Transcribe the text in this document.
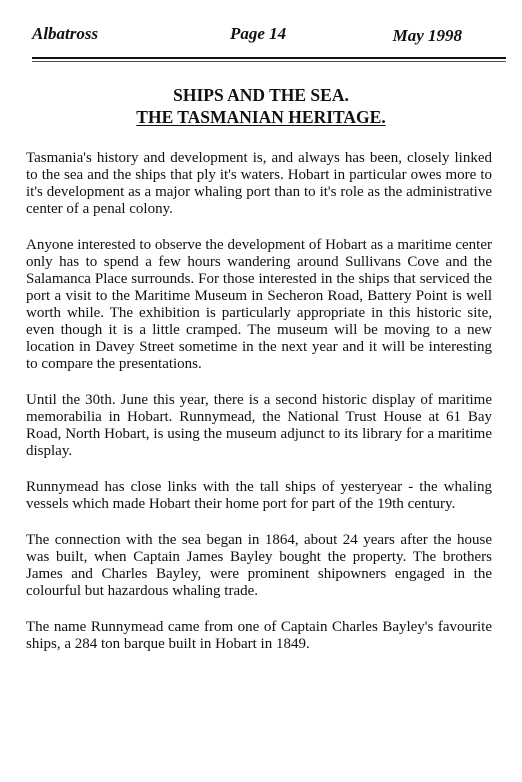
Albatross	Page 14	May 1998
SHIPS AND THE SEA.
THE TASMANIAN HERITAGE.

Tasmania's history and development is, and always has been, closely linked to the sea and the ships that ply it's waters. Hobart in particular owes more to it's development as a major whaling port than to it's role as the administrative center of a penal colony.

Anyone interested to observe the development of Hobart as a maritime center only has to spend a few hours wandering around Sullivans Cove and the Salamanca Place surrounds. For those interested in the ships that serviced the port a visit to the Maritime Museum in Secheron Road, Battery Point is well worth while. The exhibition is particularly appropriate in this historic site, even though it is a little cramped. The museum will be moving to a new location in Davey Street sometime in the next year and it will be interesting to compare the presentations.

Until the 30th. June this year, there is a second historic display of maritime memorabilia in Hobart. Runnymead, the National Trust House at 61 Bay Road, North Hobart, is using the museum adjunct to its library for a maritime display.

Runnymead has close links with the tall ships of yesteryear - the whaling vessels which made Hobart their home port for part of the 19th century.

The connection with the sea began in 1864, about 24 years after the house was built, when Captain James Bayley bought the property. The brothers James and Charles Bayley, were prominent shipowners engaged in the colourful but hazardous whaling trade.

The name Runnymead came from one of Captain Charles Bayley's favourite ships, a 284 ton barque built in Hobart in 1849.
